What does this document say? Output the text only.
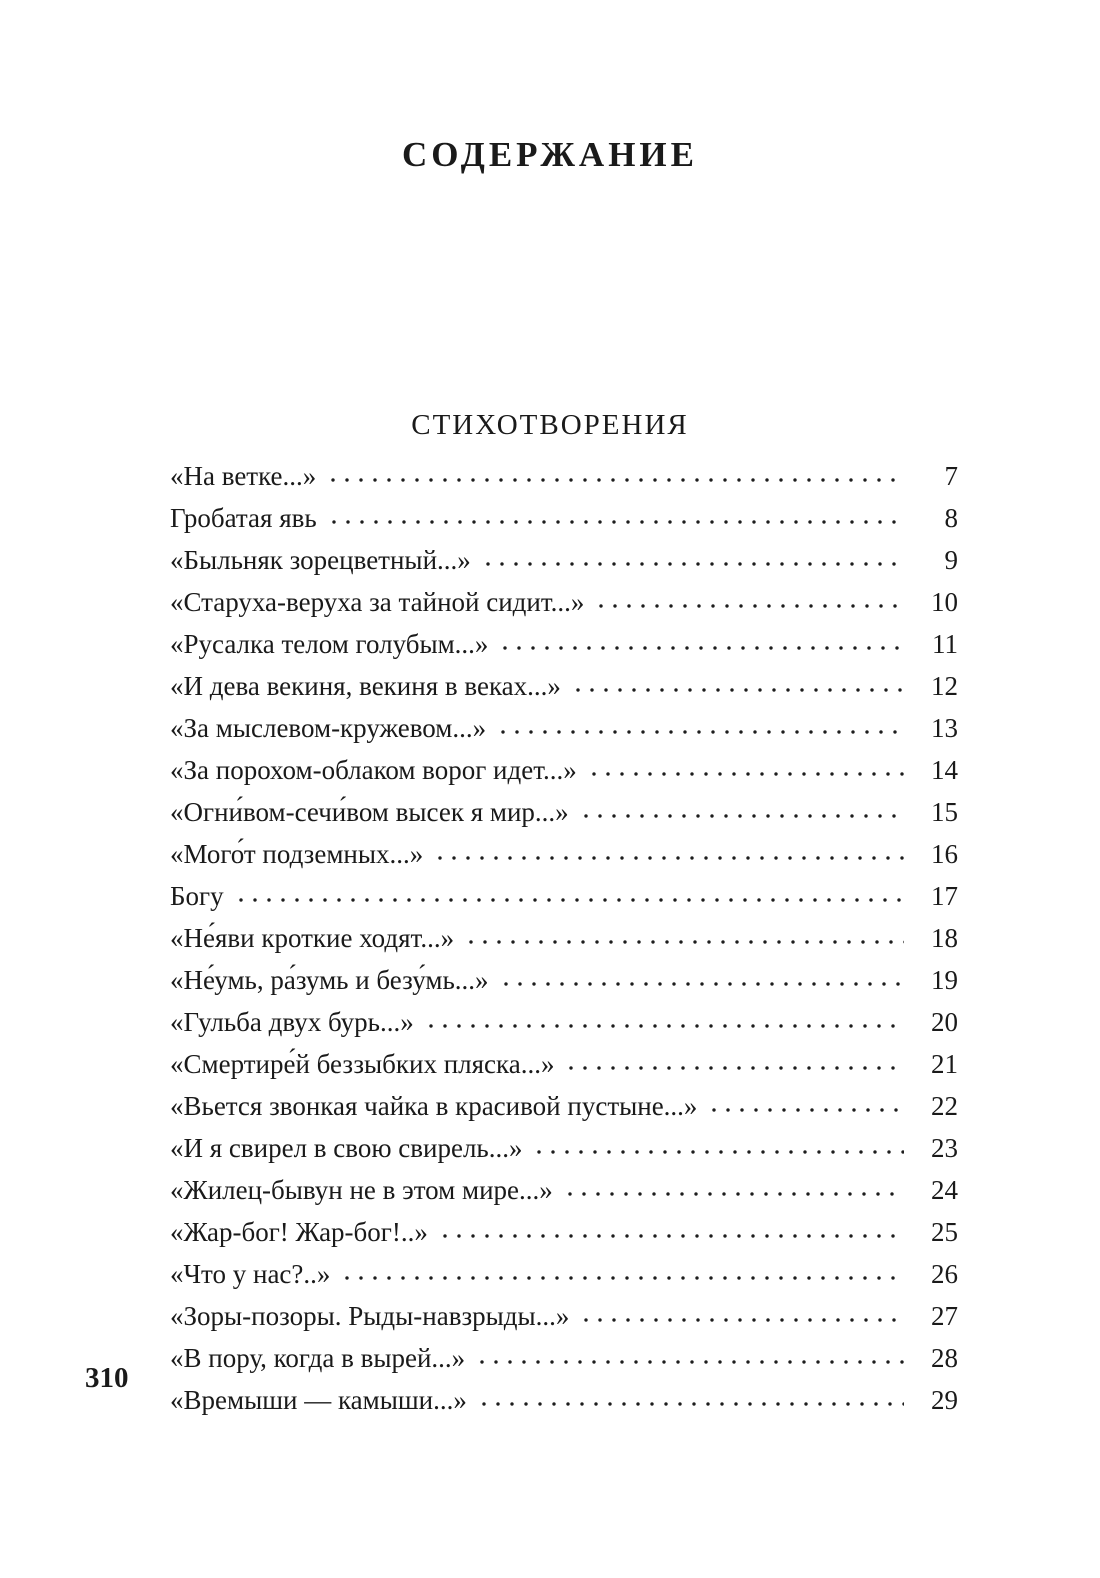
СОДЕРЖАНИЕ
СТИХОТВОРЕНИЯ
«На ветке...»	7
Гробатая явь	8
«Быльняк зорецветный...»	9
«Старуха-веруха за тайной сидит...»	10
«Русалка телом голубым...»	11
«И дева векиня, векиня в веках...»	12
«За мыслевом-кружевом...»	13
«За порохом-облаком ворог идет...»	14
«Огни́вом-сечи́вом высек я мир...»	15
«Мого́т подземных...»	16
Богу	17
«Не́яви кроткие ходят...»	18
«Не́умь, ра́зумь и безу́мь...»	19
«Гульба двух бурь...»	20
«Смертире́й беззыбких пляска...»	21
«Вьется звонкая чайка в красивой пустыне...»	22
«И я свирел в свою свирель...»	23
«Жилец-бывун не в этом мире...»	24
«Жар-бог! Жар-бог!..»	25
«Что у нас?..»	26
«Зоры-позоры. Рыды-навзрыды...»	27
«В пору, когда в вырей...»	28
«Времыши — камыши...»	29
310
